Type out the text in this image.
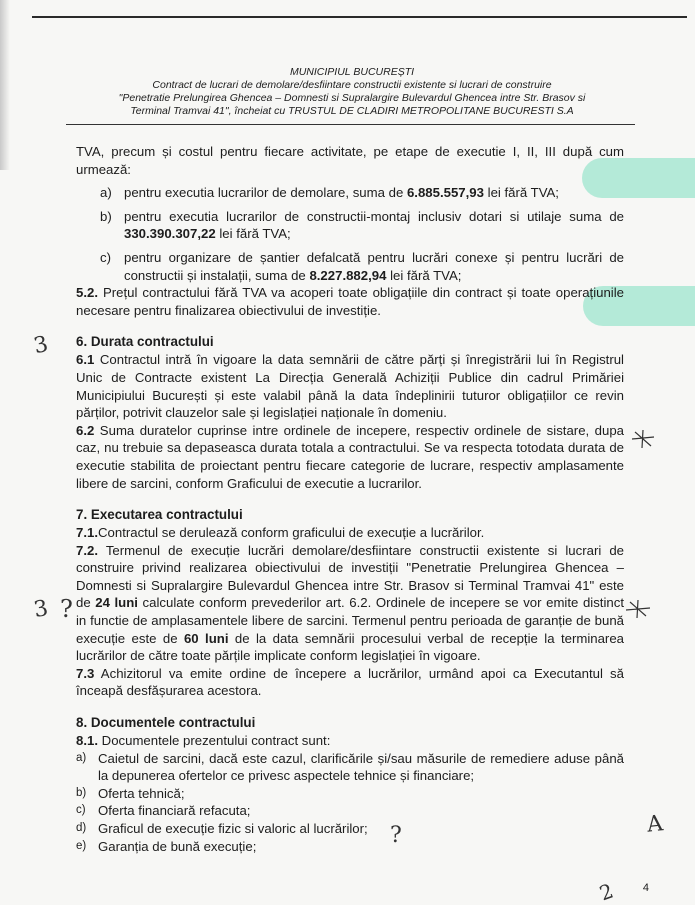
MUNICIPIUL BUCUREȘTI
Contract de lucrari de demolare/desfiintare constructii existente si lucrari de construire
"Penetratie Prelungirea Ghencea – Domnesti si Supralargire Bulevardul Ghencea intre Str. Brasov si
Terminal Tramvai 41", încheiat cu TRUSTUL DE CLADIRI METROPOLITANE BUCURESTI S.A

TVA, precum și costul pentru fiecare activitate, pe etape de executie I, II, III după cum urmează:

a) pentru executia lucrarilor de demolare, suma de 6.885.557,93 lei fără TVA;
b) pentru executia lucrarilor de constructii-montaj inclusiv dotari si utilaje suma de 330.390.307,22 lei fără TVA;
c) pentru organizare de șantier defalcată pentru lucrări conexe și pentru lucrări de constructii și instalații, suma de 8.227.882,94 lei fără TVA;

5.2. Prețul contractului fără TVA va acoperi toate obligațiile din contract și toate operațiunile necesare pentru finalizarea obiectivului de investiție.

6. Durata contractului

6.1 Contractul intră în vigoare la data semnării de către părți și înregistrării lui în Registrul Unic de Contracte existent La Direcția Generală Achiziții Publice din cadrul Primăriei Municipiului București și este valabil până la data îndeplinirii tuturor obligațiilor ce revin părților, potrivit clauzelor sale și legislației naționale în domeniu.

6.2 Suma duratelor cuprinse intre ordinele de incepere, respectiv ordinele de sistare, dupa caz, nu trebuie sa depaseasca durata totala a contractului. Se va respecta totodata durata de executie stabilita de proiectant pentru fiecare categorie de lucrare, respectiv amplasamente libere de sarcini, conform Graficului de executie a lucrarilor.

7. Executarea contractului

7.1.Contractul se derulează conform graficului de execuție a lucrărilor.

7.2. Termenul de execuție lucrări demolare/desfiintare constructii existente si lucrari de construire privind realizarea obiectivului de investiții "Penetratie Prelungirea Ghencea – Domnesti si Supralargire Bulevardul Ghencea intre Str. Brasov si Terminal Tramvai 41" este de 24 luni calculate conform prevederilor art. 6.2. Ordinele de incepere se vor emite distinct in functie de amplasamentele libere de sarcini. Termenul pentru perioada de garanție de bună execuție este de 60 luni de la data semnării procesului verbal de recepție la terminarea lucrărilor de către toate părțile implicate conform legislației în vigoare.

7.3 Achizitorul va emite ordine de începere a lucrărilor, urmând apoi ca Executantul să înceapă desfășurarea acestora.

8. Documentele contractului

8.1. Documentele prezentului contract sunt:

a) Caietul de sarcini, dacă este cazul, clarificările și/sau măsurile de remediere aduse până la depunerea ofertelor ce privesc aspectele tehnice și financiare;
b) Oferta tehnică;
c) Oferta financiară refacuta;
d) Graficul de execuție fizic si valoric al lucrărilor;
e) Garanția de bună execuție;
3
3 ?
?	A
2 4
